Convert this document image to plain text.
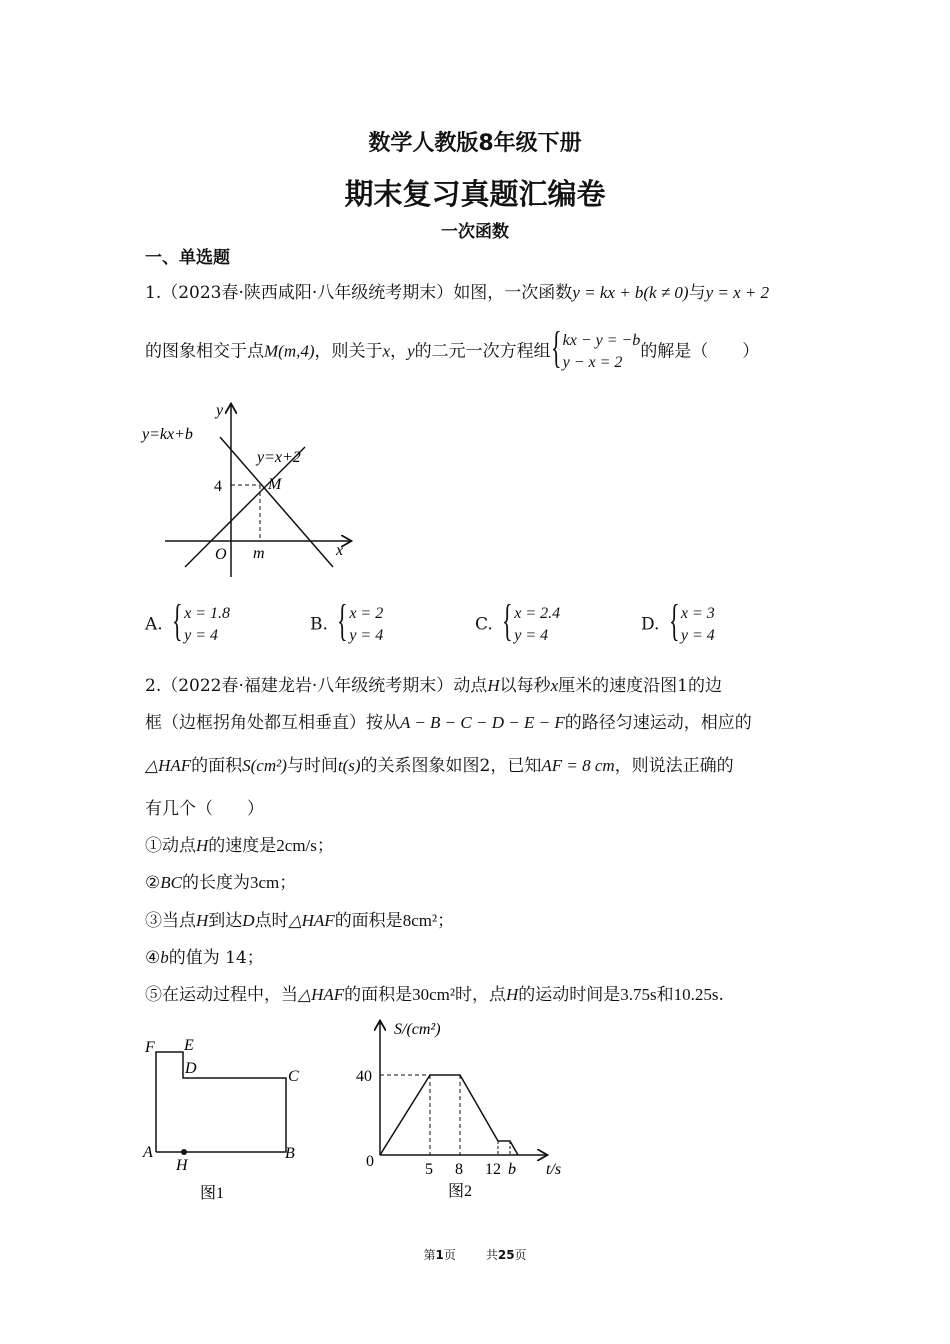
数学人教版8年级下册
期末复习真题汇编卷
一次函数
一、单选题
1.（2023春·陕西咸阳·八年级统考期末）如图，一次函数y = kx + b(k ≠ 0)与y = x + 2
的图象相交于点M(m,4)，则关于x，y的二元一次方程组 { kx − y = −b
y − x = 2
的解是（　　）
y=kx+b
y=x+2
y
x
O
4
m
M
A. { x = 1.8
y = 4
B. { x = 2
y = 4
C. { x = 2.4
y = 4
D. { x = 3
y = 4
2.（2022春·福建龙岩·八年级统考期末）动点H以每秒x厘米的速度沿图1的边
框（边框拐角处都互相垂直）按从A − B − C − D − E − F的路径匀速运动，相应的
△HAF的面积S(cm²)与时间t(s)的关系图象如图2，已知AF = 8 cm，则说法正确的
有几个（　　）
①动点H的速度是2cm/s；
②BC的长度为3cm；
③当点H到达D点时△HAF的面积是8cm²；
④b的值为 14；
⑤在运动过程中，当△HAF的面积是30cm²时，点H的运动时间是3.75s和10.25s.
F E
D	C
A	B
H
图1
S/(cm²)
40
0	5 8 12 b t/s
图2
第1页	共25页
